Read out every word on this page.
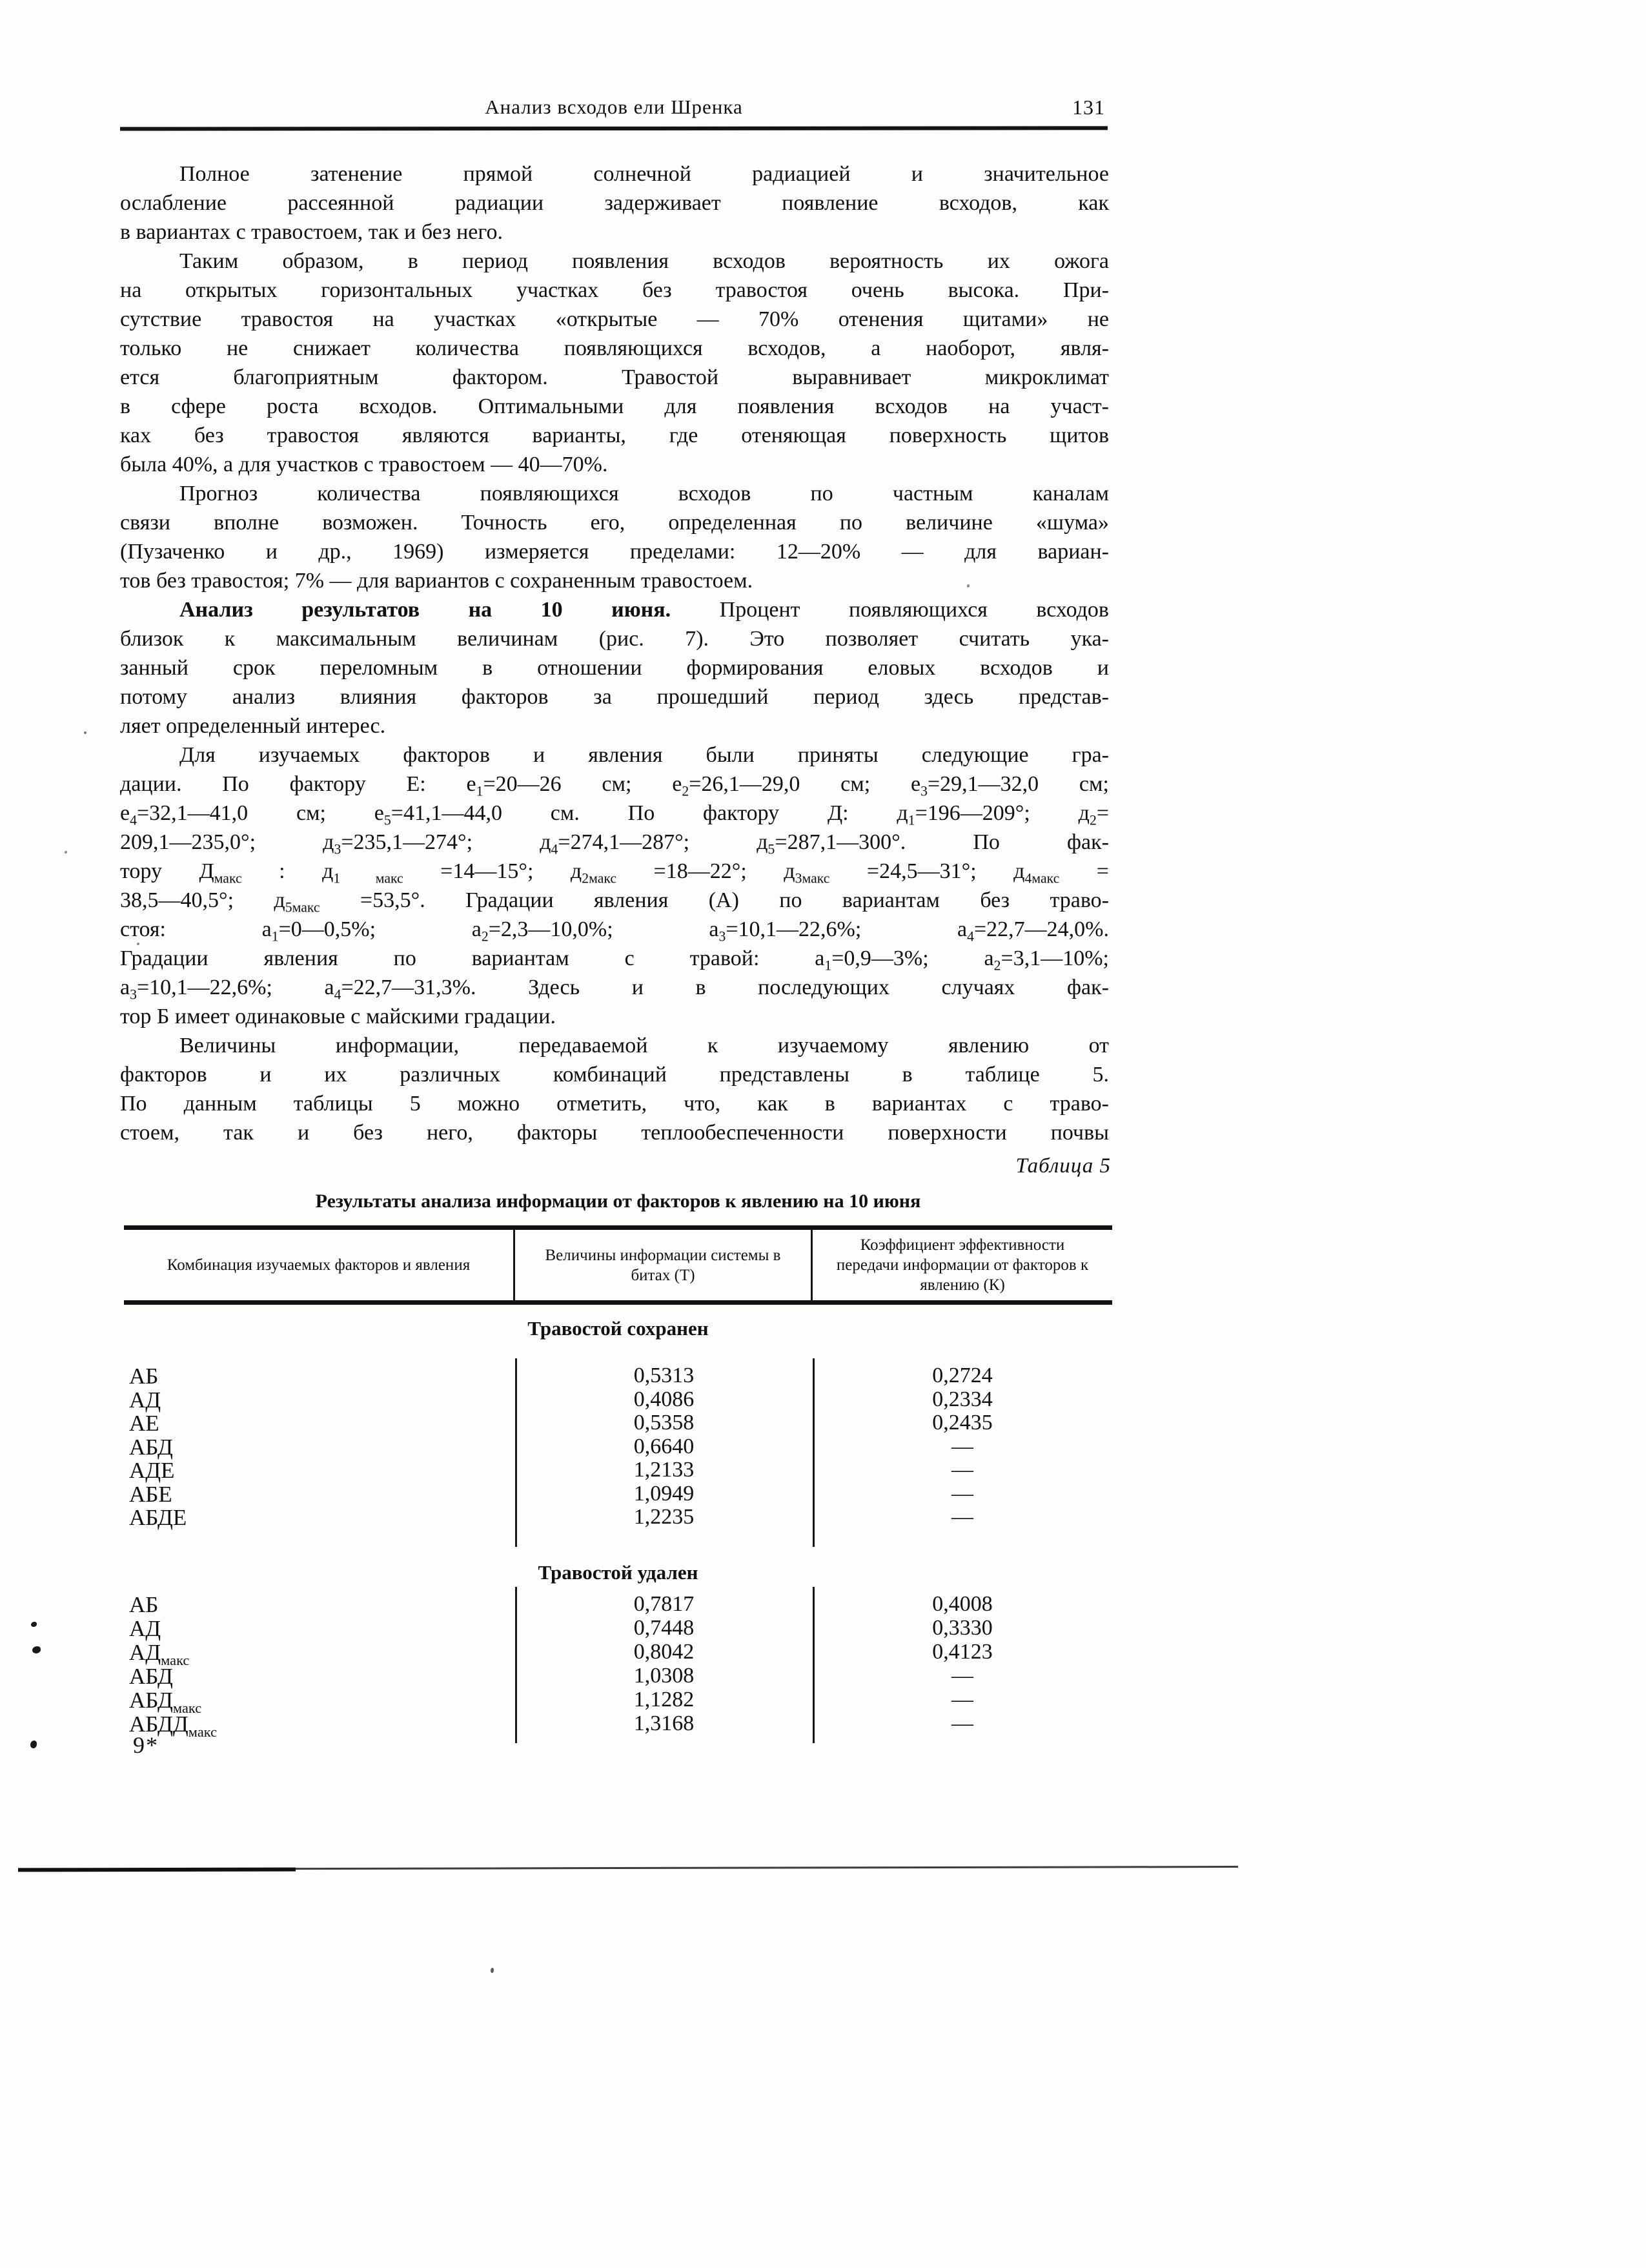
Анализ всходов ели Шренка	131
Полное затенение прямой солнечной радиацией и значительное
ослабление рассеянной радиации задерживает появление всходов, как
в вариантах с травостоем, так и без него.
Таким образом, в период появления всходов вероятность их ожога
на открытых горизонтальных участках без травостоя очень высока. При-
сутствие травостоя на участках «открытые — 70% отенения щитами» не
только не снижает количества появляющихся всходов, а наоборот, явля-
ется благоприятным фактором. Травостой выравнивает микроклимат
в сфере роста всходов. Оптимальными для появления всходов на участ-
ках без травостоя являются варианты, где отеняющая поверхность щитов
была 40%, а для участков с травостоем — 40—70%.
Прогноз количества появляющихся всходов по частным каналам
связи вполне возможен. Точность его, определенная по величине «шума»
(Пузаченко и др., 1969) измеряется пределами: 12—20% — для вариан-
тов без травостоя; 7% — для вариантов с сохраненным травостоем.
Анализ результатов на 10 июня. Процент появляющихся всходов
близок к максимальным величинам (рис. 7). Это позволяет считать ука-
занный срок переломным в отношении формирования еловых всходов и
потому анализ влияния факторов за прошедший период здесь представ-
ляет определенный интерес.
Для изучаемых факторов и явления были приняты следующие гра-
дации. По фактору Е: $е_1=20—26$ см; $е_2=26,1—29,0$ см; $е_3=29,1—32,0$ см;
$е_4=32,1—41,0$ см; $е_5=41,1—44,0$ см. По фактору Д: $д_1=196—209^\circ$; $д_2=$
209,1—235,0°; $д_3=235,1—274^\circ$; $д_4=274,1—287^\circ$; $д_5=287,1—300^\circ$. По фак-
тору $Д_{макс}$ : $д_{1 макс}$ =14—15°; $д_{2макс}$ =18—22°; $д_{3макс}$ =24,5—31°; $д_{4макс}$ =
38,5—40,5°; $д_{5макс} =53,5^\circ$. Градации явления (А) по вариантам без траво-
стоя: $а_1=0—0,5\%$; $а_2=2,3—10,0\%$; $а_3=10,1—22,6\%$; $а_4=22,7—24,0\%$.
Градации явления по вариантам с травой: $а_1=0,9—3\%$; $а_2=3,1—10\%$;
$а_3=10,1—22,6\%$; $а_4=22,7—31,3\%$. Здесь и в последующих случаях фак-
тор Б имеет одинаковые с майскими градации.
Величины информации, передаваемой к изучаемому явлению от
факторов и их различных комбинаций представлены в таблице 5.
По данным таблицы 5 можно отметить, что, как в вариантах с траво-
стоем, так и без него, факторы теплообеспеченности поверхности почвы
Таблица 5
Результаты анализа информации от факторов к явлению на 10 июня
Комбинация изучаемых факторов и явления
Величины информации системы в битах (Т)
Коэффициент эффективности передачи информации от факторов к явлению (К)
Травостой сохранен
АБ	0,5313	0,2724
АД	0,4086	0,2334
АЕ	0,5358	0,2435
АБД	0,6640	—
АДЕ	1,2133	—
АБЕ	1,0949	—
АБДЕ	1,2235	—
Травостой удален
АБ	0,7817	0,4008
АД	0,7448	0,3330
$АД_{макс}$	0,8042	0,4123
АБД	1,0308	—
$АБД_{макс}$	1,1282	—
$АБДД_{макс}$	1,3168	—
9*
